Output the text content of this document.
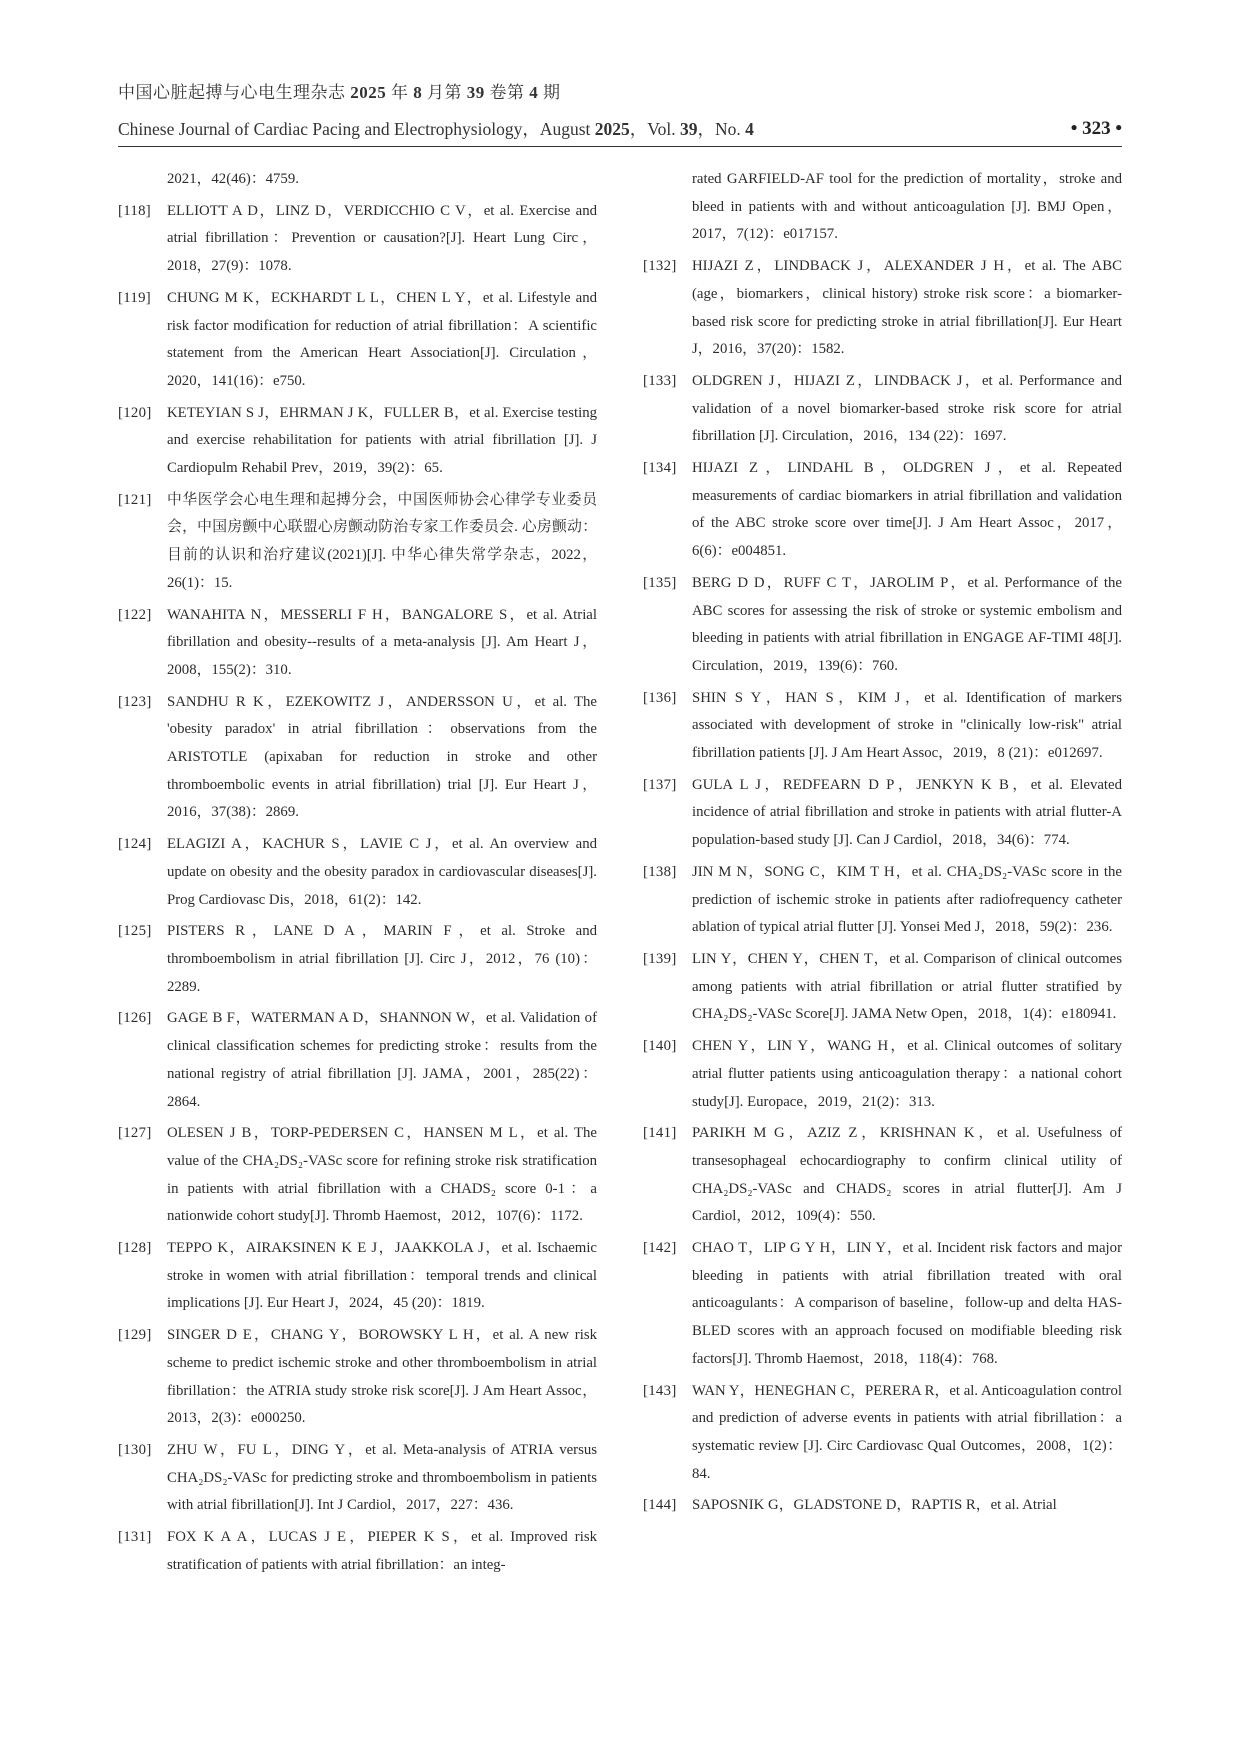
中国心脏起搏与心电生理杂志 2025 年 8 月第 39 卷第 4 期
Chinese Journal of Cardiac Pacing and Electrophysiology，August 2025，Vol. 39，No. 4	• 323 •
2021，42(46)：4759.
[118]	ELLIOTT A D，LINZ D，VERDICCHIO C V，et al. Exercise and atrial fibrillation：Prevention or causation?[J]. Heart Lung Circ，2018，27(9)：1078.
[119]	CHUNG M K，ECKHARDT L L，CHEN L Y，et al. Lifestyle and risk factor modification for reduction of atrial fibrillation：A scientific statement from the American Heart Association[J]. Circulation，2020，141(16)：e750.
[120]	KETEYIAN S J，EHRMAN J K，FULLER B，et al. Exercise testing and exercise rehabilitation for patients with atrial fibrillation [J]. J Cardiopulm Rehabil Prev，2019，39(2)：65.
[121]	中华医学会心电生理和起搏分会，中国医师协会心律学专业委员会，中国房颤中心联盟心房颤动防治专家工作委员会. 心房颤动：目前的认识和治疗建议(2021)[J]. 中华心律失常学杂志，2022，26(1)：15.
[122]	WANAHITA N，MESSERLI F H，BANGALORE S，et al. Atrial fibrillation and obesity--results of a meta-analysis [J]. Am Heart J，2008，155(2)：310.
[123]	SANDHU R K，EZEKOWITZ J，ANDERSSON U，et al. The 'obesity paradox' in atrial fibrillation：observations from the ARISTOTLE (apixaban for reduction in stroke and other thromboembolic events in atrial fibrillation) trial [J]. Eur Heart J，2016，37(38)：2869.
[124]	ELAGIZI A，KACHUR S，LAVIE C J，et al. An overview and update on obesity and the obesity paradox in cardiovascular diseases[J]. Prog Cardiovasc Dis，2018，61(2)：142.
[125]	PISTERS R，LANE D A，MARIN F，et al. Stroke and thromboembolism in atrial fibrillation [J]. Circ J，2012，76 (10)：2289.
[126]	GAGE B F，WATERMAN A D，SHANNON W，et al. Validation of clinical classification schemes for predicting stroke：results from the national registry of atrial fibrillation [J]. JAMA，2001，285(22)：2864.
[127]	OLESEN J B，TORP-PEDERSEN C，HANSEN M L，et al. The value of the CHA₂DS₂-VASc score for refining stroke risk stratification in patients with atrial fibrillation with a CHADS₂ score 0-1：a nationwide cohort study[J]. Thromb Haemost，2012，107(6)：1172.
[128]	TEPPO K，AIRAKSINEN K E J，JAAKKOLA J，et al. Ischaemic stroke in women with atrial fibrillation：temporal trends and clinical implications [J]. Eur Heart J，2024，45 (20)：1819.
[129]	SINGER D E，CHANG Y，BOROWSKY L H，et al. A new risk scheme to predict ischemic stroke and other thromboembolism in atrial fibrillation：the ATRIA study stroke risk score[J]. J Am Heart Assoc，2013，2(3)：e000250.
[130]	ZHU W，FU L，DING Y，et al. Meta-analysis of ATRIA versus CHA₂DS₂-VASc for predicting stroke and thromboembolism in patients with atrial fibrillation[J]. Int J Cardiol，2017，227：436.
[131]	FOX K A A，LUCAS J E，PIEPER K S，et al. Improved risk stratification of patients with atrial fibrillation：an integ-
rated GARFIELD-AF tool for the prediction of mortality，stroke and bleed in patients with and without anticoagulation [J]. BMJ Open，2017，7(12)：e017157.
[132]	HIJAZI Z，LINDBACK J，ALEXANDER J H，et al. The ABC (age，biomarkers，clinical history) stroke risk score：a biomarker-based risk score for predicting stroke in atrial fibrillation[J]. Eur Heart J，2016，37(20)：1582.
[133]	OLDGREN J，HIJAZI Z，LINDBACK J，et al. Performance and validation of a novel biomarker-based stroke risk score for atrial fibrillation [J]. Circulation，2016，134 (22)：1697.
[134]	HIJAZI Z，LINDAHL B，OLDGREN J，et al. Repeated measurements of cardiac biomarkers in atrial fibrillation and validation of the ABC stroke score over time[J]. J Am Heart Assoc，2017，6(6)：e004851.
[135]	BERG D D，RUFF C T，JAROLIM P，et al. Performance of the ABC scores for assessing the risk of stroke or systemic embolism and bleeding in patients with atrial fibrillation in ENGAGE AF-TIMI 48[J]. Circulation，2019，139(6)：760.
[136]	SHIN S Y，HAN S，KIM J，et al. Identification of markers associated with development of stroke in "clinically low-risk" atrial fibrillation patients [J]. J Am Heart Assoc，2019，8 (21)：e012697.
[137]	GULA L J，REDFEARN D P，JENKYN K B，et al. Elevated incidence of atrial fibrillation and stroke in patients with atrial flutter-A population-based study [J]. Can J Cardiol，2018，34(6)：774.
[138]	JIN M N，SONG C，KIM T H，et al. CHA₂DS₂-VASc score in the prediction of ischemic stroke in patients after radiofrequency catheter ablation of typical atrial flutter [J]. Yonsei Med J，2018，59(2)：236.
[139]	LIN Y，CHEN Y，CHEN T，et al. Comparison of clinical outcomes among patients with atrial fibrillation or atrial flutter stratified by CHA₂DS₂-VASc Score[J]. JAMA Netw Open，2018，1(4)：e180941.
[140]	CHEN Y，LIN Y，WANG H，et al. Clinical outcomes of solitary atrial flutter patients using anticoagulation therapy：a national cohort study[J]. Europace，2019，21(2)：313.
[141]	PARIKH M G，AZIZ Z，KRISHNAN K，et al. Usefulness of transesophageal echocardiography to confirm clinical utility of CHA₂DS₂-VASc and CHADS₂ scores in atrial flutter[J]. Am J Cardiol，2012，109(4)：550.
[142]	CHAO T，LIP G Y H，LIN Y，et al. Incident risk factors and major bleeding in patients with atrial fibrillation treated with oral anticoagulants：A comparison of baseline，follow-up and delta HAS-BLED scores with an approach focused on modifiable bleeding risk factors[J]. Thromb Haemost，2018，118(4)：768.
[143]	WAN Y，HENEGHAN C，PERERA R，et al. Anticoagulation control and prediction of adverse events in patients with atrial fibrillation：a systematic review [J]. Circ Cardiovasc Qual Outcomes，2008，1(2)：84.
[144]	SAPOSNIK G，GLADSTONE D，RAPTIS R，et al. Atrial
